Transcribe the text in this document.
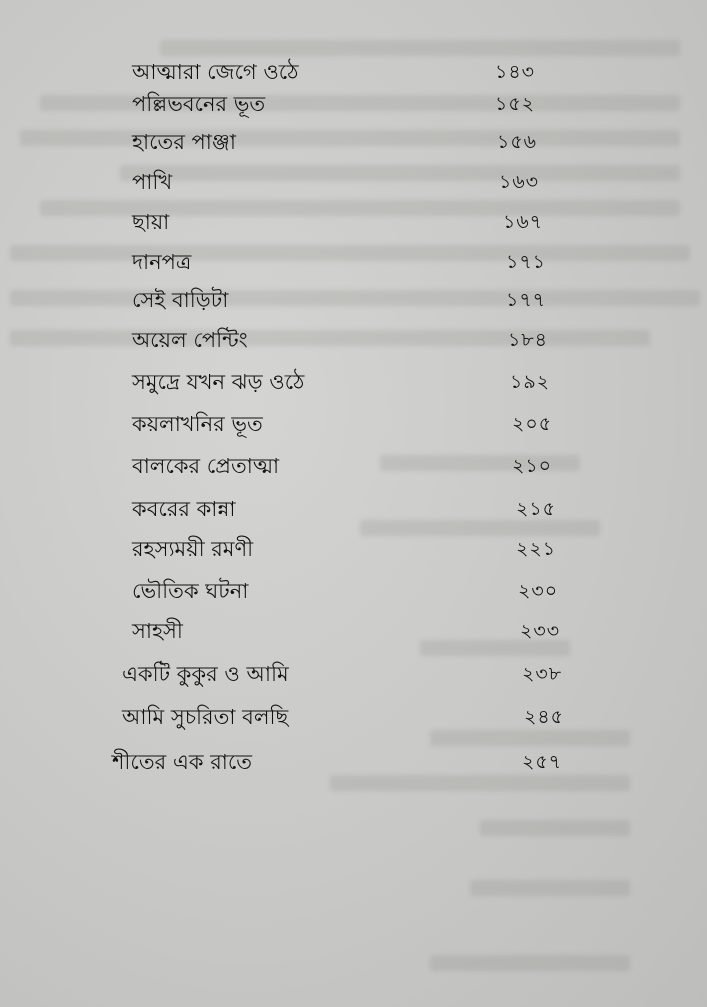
আত্মারা জেগে ওঠে	১৪৩
পল্লিভবনের ভূত	১৫২
হাতের পাঞ্জা	১৫৬
পাখি	১৬৩
ছায়া	১৬৭
দানপত্র	১৭১
সেই বাড়িটা	১৭৭
অয়েল পেন্টিং	১৮৪
সমুদ্রে যখন ঝড় ওঠে	১৯২
কয়লাখনির ভূত	২০৫
বালকের প্রেতাত্মা	২১০
কবরের কান্না	২১৫
রহস্যময়ী রমণী	২২১
ভৌতিক ঘটনা	২৩০
সাহসী	২৩৩
একটি কুকুর ও আমি	২৩৮
আমি সুচরিতা বলছি	২৪৫
শীতের এক রাতে	২৫৭
